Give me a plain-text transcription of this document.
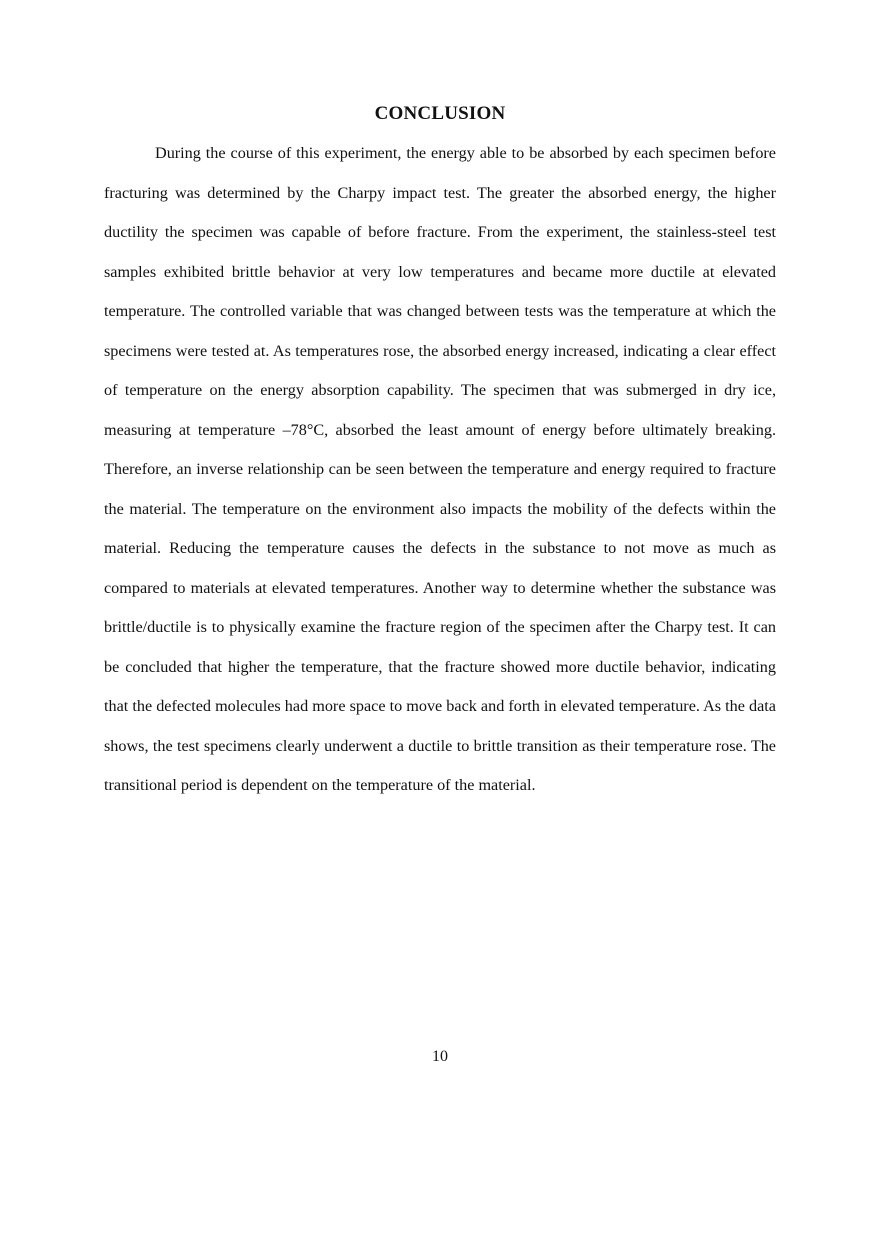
CONCLUSION

During the course of this experiment, the energy able to be absorbed by each specimen before fracturing was determined by the Charpy impact test. The greater the absorbed energy, the higher ductility the specimen was capable of before fracture. From the experiment, the stainless-steel test samples exhibited brittle behavior at very low temperatures and became more ductile at elevated temperature. The controlled variable that was changed between tests was the temperature at which the specimens were tested at. As temperatures rose, the absorbed energy increased, indicating a clear effect of temperature on the energy absorption capability. The specimen that was submerged in dry ice, measuring at temperature –78°C, absorbed the least amount of energy before ultimately breaking. Therefore, an inverse relationship can be seen between the temperature and energy required to fracture the material. The temperature on the environment also impacts the mobility of the defects within the material. Reducing the temperature causes the defects in the substance to not move as much as compared to materials at elevated temperatures. Another way to determine whether the substance was brittle/ductile is to physically examine the fracture region of the specimen after the Charpy test. It can be concluded that higher the temperature, that the fracture showed more ductile behavior, indicating that the defected molecules had more space to move back and forth in elevated temperature. As the data shows, the test specimens clearly underwent a ductile to brittle transition as their temperature rose. The transitional period is dependent on the temperature of the material.

10
